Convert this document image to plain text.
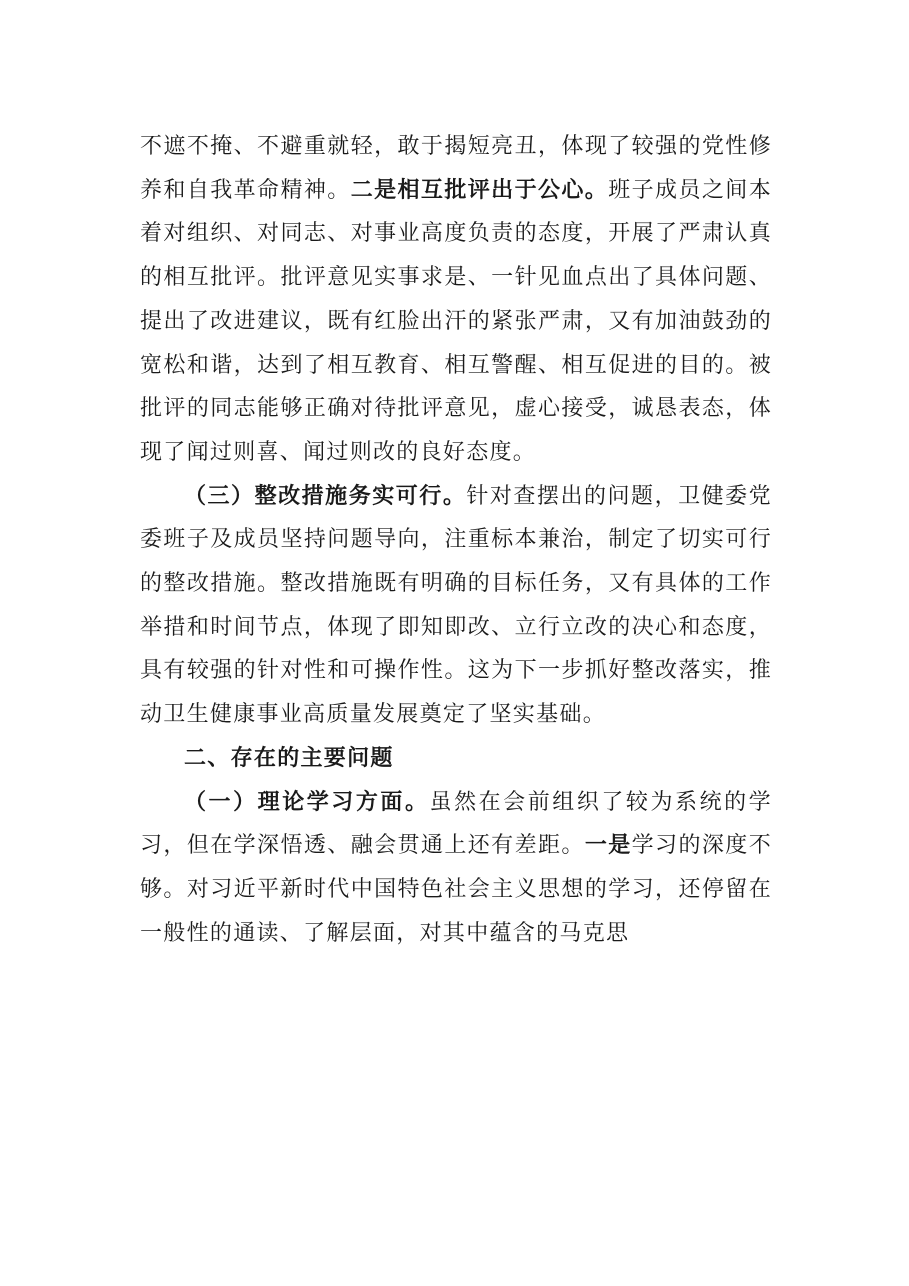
不遮不掩、不避重就轻，敢于揭短亮丑，体现了较强的党性修养和自我革命精神。二是相互批评出于公心。班子成员之间本着对组织、对同志、对事业高度负责的态度，开展了严肃认真的相互批评。批评意见实事求是、一针见血点出了具体问题、提出了改进建议，既有红脸出汗的紧张严肃，又有加油鼓劲的宽松和谐，达到了相互教育、相互警醒、相互促进的目的。被批评的同志能够正确对待批评意见，虚心接受，诚恳表态，体现了闻过则喜、闻过则改的良好态度。

（三）整改措施务实可行。针对查摆出的问题，卫健委党委班子及成员坚持问题导向，注重标本兼治，制定了切实可行的整改措施。整改措施既有明确的目标任务，又有具体的工作举措和时间节点，体现了即知即改、立行立改的决心和态度，具有较强的针对性和可操作性。这为下一步抓好整改落实，推动卫生健康事业高质量发展奠定了坚实基础。

二、存在的主要问题

（一）理论学习方面。虽然在会前组织了较为系统的学习，但在学深悟透、融会贯通上还有差距。一是学习的深度不够。对习近平新时代中国特色社会主义思想的学习，还停留在一般性的通读、了解层面，对其中蕴含的马克思
